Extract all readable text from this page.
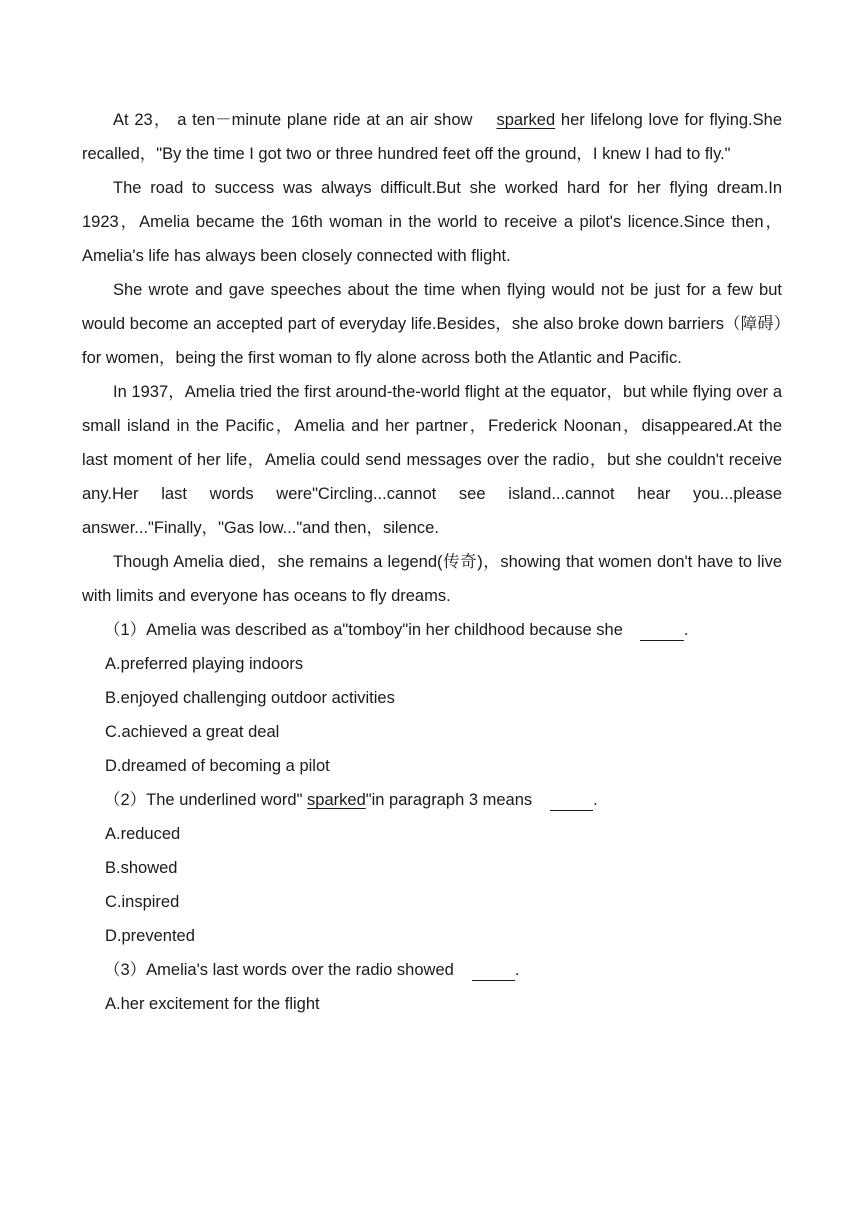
At 23， a ten－minute plane ride at an air show sparked her lifelong love for flying.She recalled，"By the time I got two or three hundred feet off the ground，I knew I had to fly."

The road to success was always difficult.But she worked hard for her flying dream.In 1923，Amelia became the 16th woman in the world to receive a pilot's licence.Since then，Amelia's life has always been closely connected with flight.

She wrote and gave speeches about the time when flying would not be just for a few but would become an accepted part of everyday life.Besides，she also broke down barriers（障碍）for women，being the first woman to fly alone across both the Atlantic and Pacific.

In 1937，Amelia tried the first around-the-world flight at the equator，but while flying over a small island in the Pacific，Amelia and her partner，Frederick Noonan，disappeared.At the last moment of her life，Amelia could send messages over the radio，but she couldn't receive any.Her last words were"Circling...cannot see island...cannot hear you...please answer..."Finally，"Gas low..."and then，silence.

Though Amelia died，she remains a legend(传奇)，showing that women don't have to live with limits and everyone has oceans to fly dreams.

（1）Amelia was described as a"tomboy"in her childhood because she	.

A.preferred playing indoors

B.enjoyed challenging outdoor activities

C.achieved a great deal

D.dreamed of becoming a pilot

（2）The underlined word" sparked"in paragraph 3 means	.

A.reduced

B.showed

C.inspired

D.prevented

（3）Amelia's last words over the radio showed	.

A.her excitement for the flight
